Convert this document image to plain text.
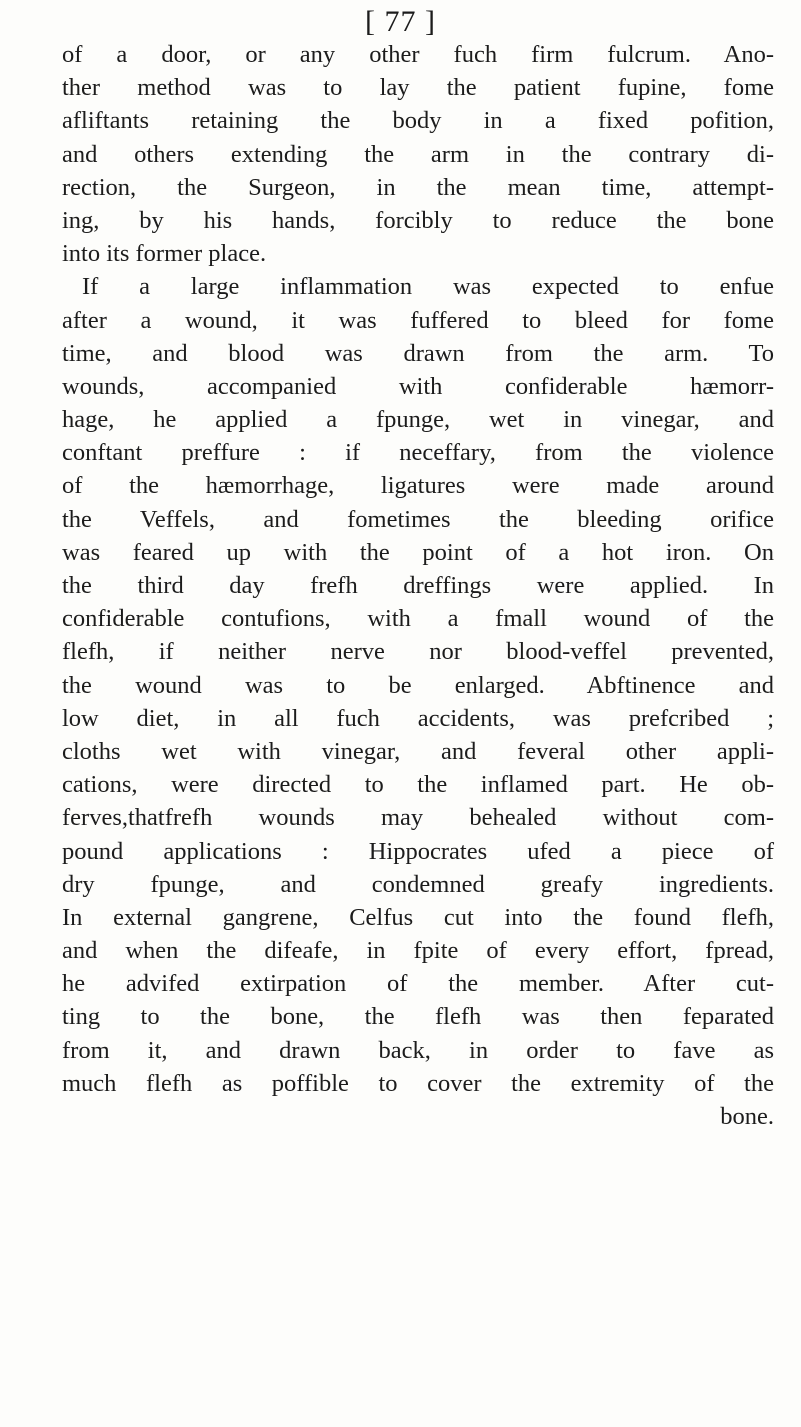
[ 77 ]
of a door, or any other fuch firm fulcrum. Ano-
ther method was to lay the patient fupine, fome
afliftants retaining the body in a fixed pofition,
and others extending the arm in the contrary di-
rection, the Surgeon, in the mean time, attempt-
ing, by his hands, forcibly to reduce the bone
into its former place.
If a large inflammation was expected to enfue
after a wound, it was fuffered to bleed for fome
time, and blood was drawn from the arm. To
wounds, accompanied with confiderable hæmorr-
hage, he applied a fpunge, wet in vinegar, and
conftant preffure : if neceffary, from the violence
of the hæmorrhage, ligatures were made around
the Veffels, and fometimes the bleeding orifice
was feared up with the point of a hot iron. On
the third day frefh dreffings were applied. In
confiderable contufions, with a fmall wound of the
flefh, if neither nerve nor blood-veffel prevented,
the wound was to be enlarged. Abftinence and
low diet, in all fuch accidents, was prefcribed ;
cloths wet with vinegar, and feveral other appli-
cations, were directed to the inflamed part. He ob-
ferves,thatfrefh wounds may behealed without com-
pound applications : Hippocrates ufed a piece of
dry fpunge, and condemned greafy ingredients.
In external gangrene, Celfus cut into the found flefh,
and when the difeafe, in fpite of every effort, fpread,
he advifed extirpation of the member. After cut-
ting to the bone, the flefh was then feparated
from it, and drawn back, in order to fave as
much flefh as poffible to cover the extremity of the
bone.
